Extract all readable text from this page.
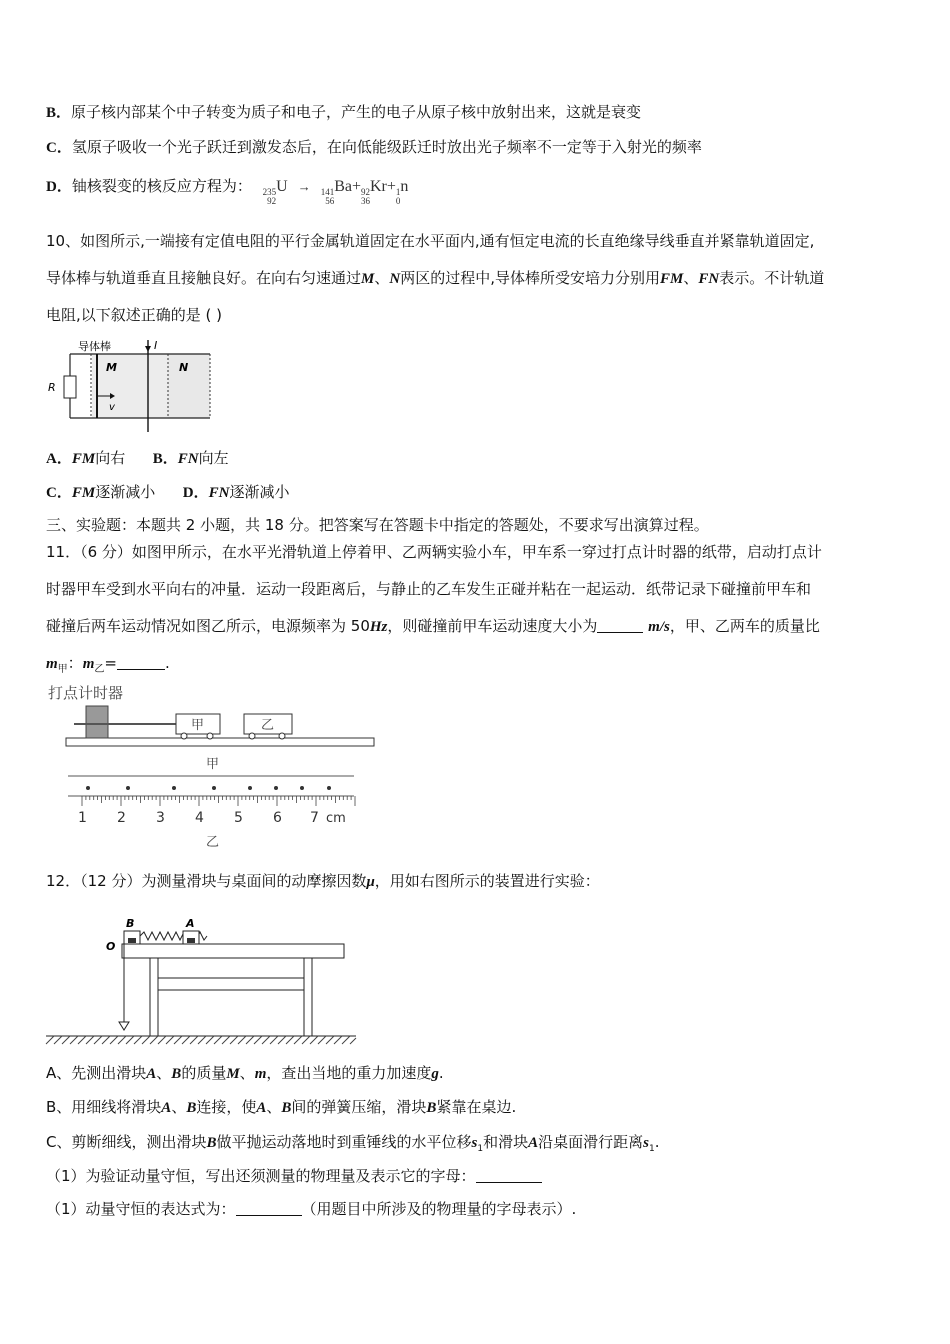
B．原子核内部某个中子转变为质子和电子，产生的电子从原子核中放射出来，这就是衰变
C．氢原子吸收一个光子跃迁到激发态后，在向低能级跃迁时放出光子频率不一定等于入射光的频率
D．铀核裂变的核反应方程为： 235
92
U → 141
56
Ba+ 92
36
Kr+ 1
0
n
10、如图所示,一端接有定值电阻的平行金属轨道固定在水平面内,通有恒定电流的长直绝缘导线垂直并紧靠轨道固定,
导体棒与轨道垂直且接触良好。在向右匀速通过M、N两区的过程中,导体棒所受安培力分别用FM、FN表示。不计轨道
电阻,以下叙述正确的是 ( )
导体棒	I
M	N
R
v
A．FM向右 B．FN向左
C．FM逐渐减小 D．FN逐渐减小
三、实验题：本题共 2 小题，共 18 分。把答案写在答题卡中指定的答题处，不要求写出演算过程。
11．（6 分）如图甲所示，在水平光滑轨道上停着甲、乙两辆实验小车，甲车系一穿过打点计时器的纸带，启动打点计
时器甲车受到水平向右的冲量．运动一段距离后，与静止的乙车发生正碰并粘在一起运动．纸带记录下碰撞前甲车和
碰撞后两车运动情况如图乙所示，电源频率为 50Hz，则碰撞前甲车运动速度大小为	m/s，甲、乙两车的质量比
$m_甲$：$m_乙=$	.
打点计时器
甲	乙
甲
1 2 3 4 5 6 7 cm
乙
12．（12 分）为测量滑块与桌面间的动摩擦因数μ，用如右图所示的装置进行实验：
B	A
O
A、先测出滑块A、B的质量M、m，查出当地的重力加速度g.
B、用细线将滑块A、B连接，使A、B间的弹簧压缩，滑块B紧靠在桌边.
C、剪断细线，测出滑块B做平抛运动落地时到重锤线的水平位移$s_1$和滑块A沿桌面滑行距离$s_1$.
（1）为验证动量守恒，写出还须测量的物理量及表示它的字母：
（1）动量守恒的表达式为：	（用题目中所涉及的物理量的字母表示）.
